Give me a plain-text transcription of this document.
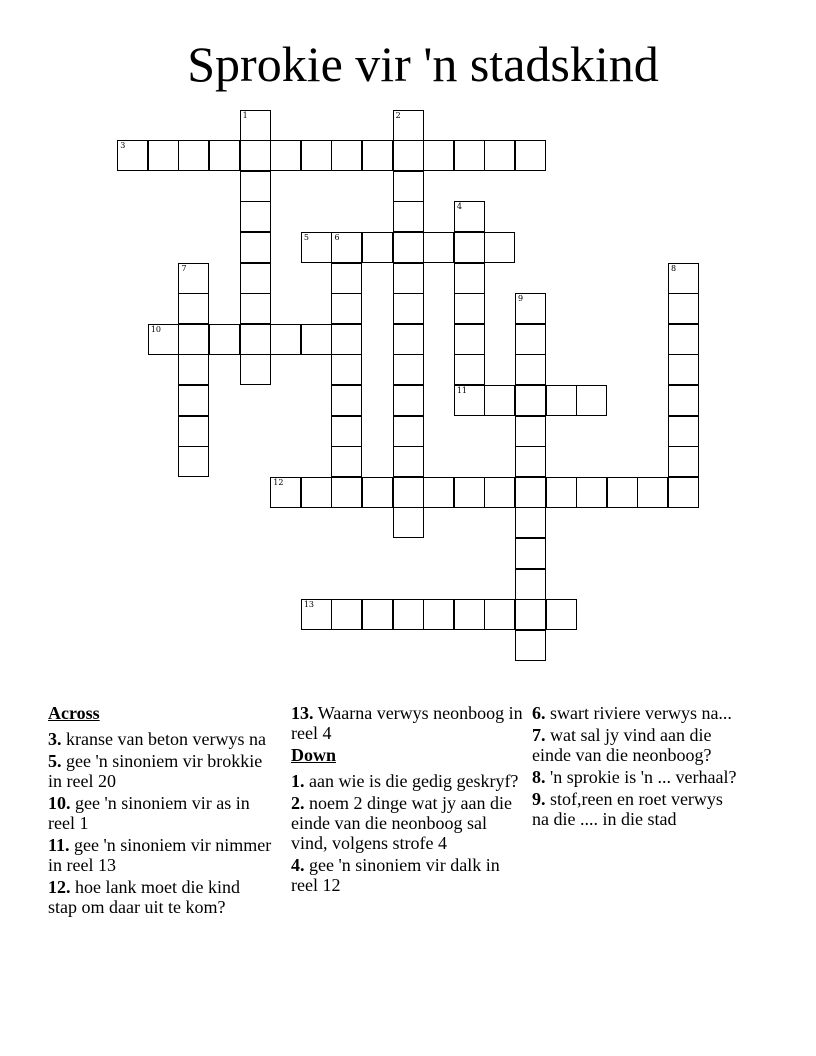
Sprokie vir 'n stadskind
1	2
3
4
5	6
7	8
9
10
11
12
13
Across
3. kranse van beton verwys na
5. gee 'n sinoniem vir brokkie in reel 20
10. gee 'n sinoniem vir as in reel 1
11. gee 'n sinoniem vir nimmer in reel 13
12. hoe lank moet die kind stap om daar uit te kom?
13. Waarna verwys neonboog in reel 4
Down
1. aan wie is die gedig geskryf?
2. noem 2 dinge wat jy aan die einde van die neonboog sal vind, volgens strofe 4
4. gee 'n sinoniem vir dalk in reel 12
6. swart riviere verwys na...
7. wat sal jy vind aan die einde van die neonboog?
8. 'n sprokie is 'n ... verhaal?
9. stof,reen en roet verwys na die .... in die stad
